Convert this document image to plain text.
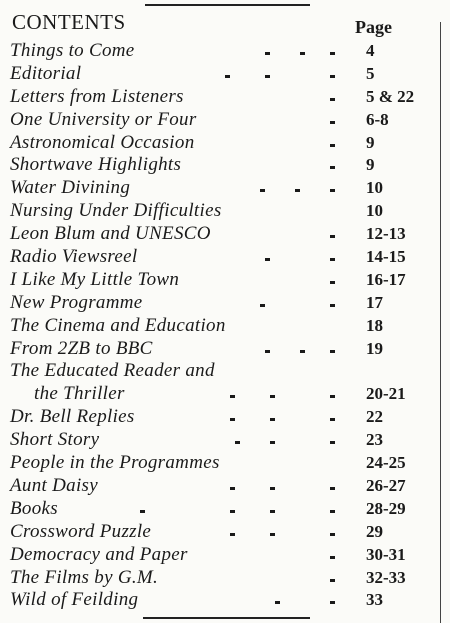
CONTENTS	Page
Things to Come	4
Editorial	5
Letters from Listeners	5 & 22
One University or Four	6-8
Astronomical Occasion	9
Shortwave Highlights	9
Water Divining	10
Nursing Under Difficulties	10
Leon Blum and UNESCO	12-13
Radio Viewsreel	14-15
I Like My Little Town	16-17
New Programme	17
The Cinema and Education	18
From 2ZB to BBC	19
The Educated Reader and
the Thriller	20-21
Dr. Bell Replies	22
Short Story	23
People in the Programmes	24-25
Aunt Daisy	26-27
Books	28-29
Crossword Puzzle	29
Democracy and Paper	30-31
The Films by G.M.	32-33
Wild of Feilding	33
